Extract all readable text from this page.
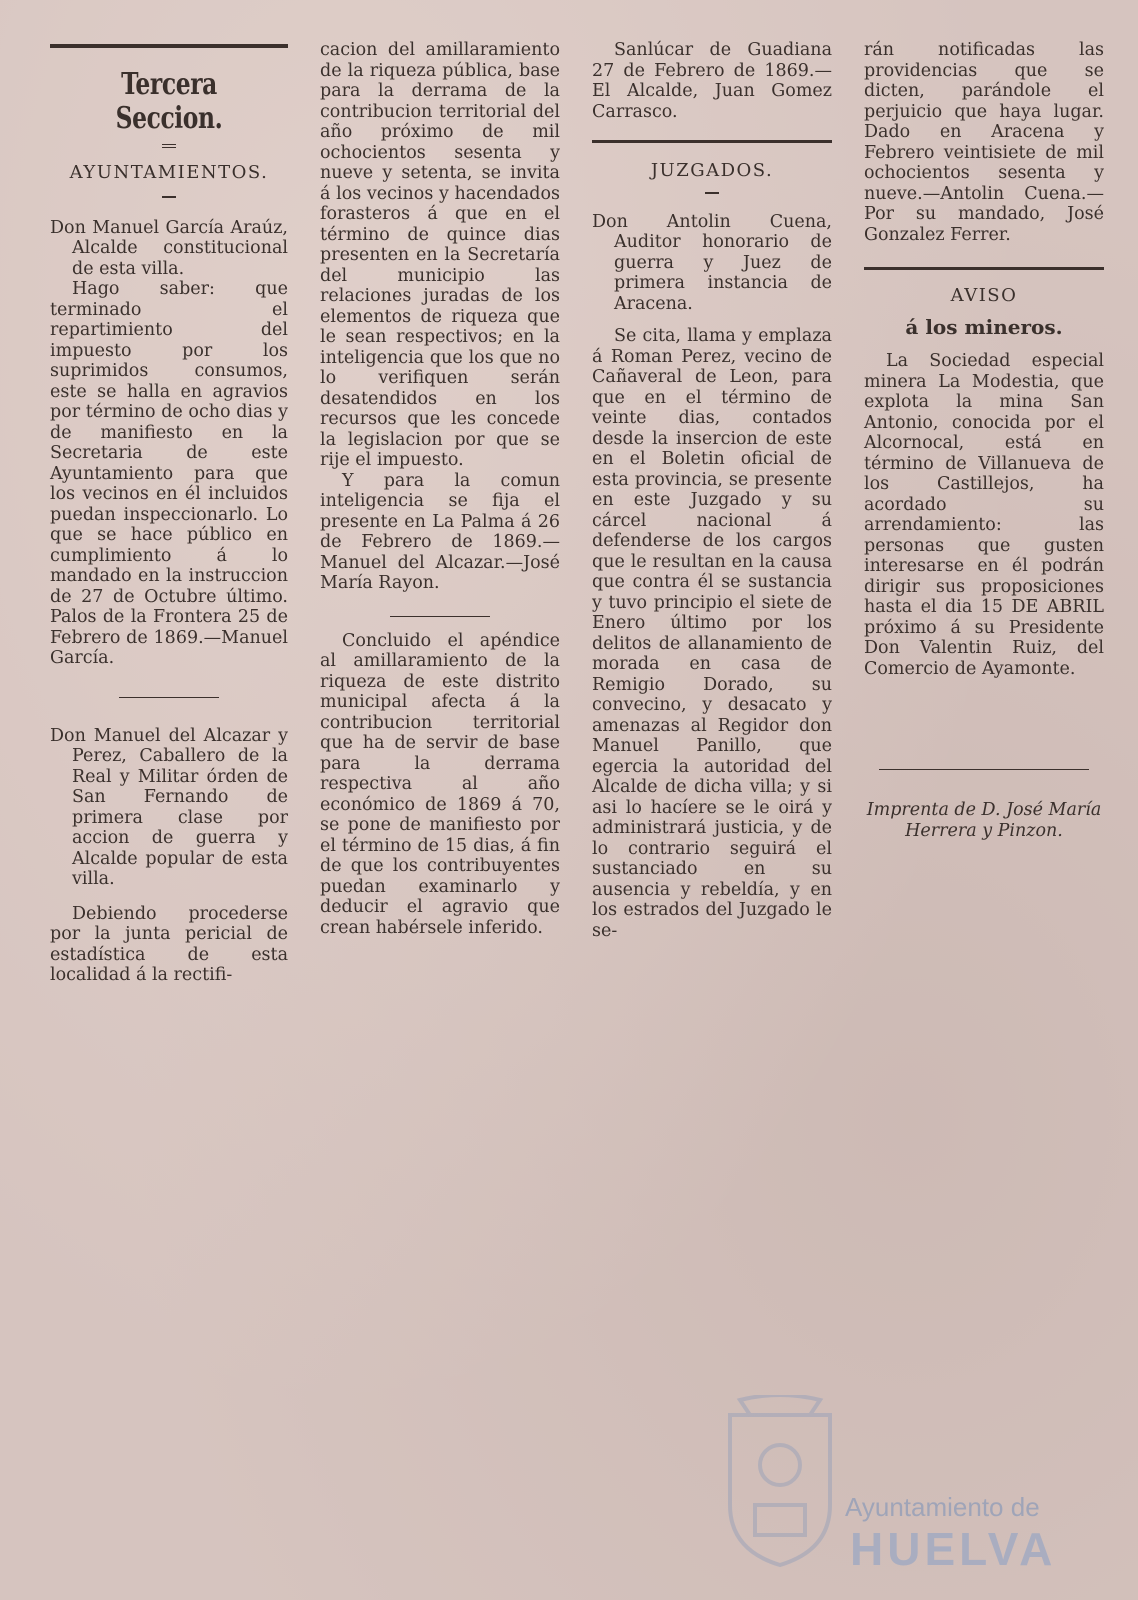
Tercera Seccion.
AYUNTAMIENTOS.

Don Manuel García Araúz, Alcalde constitucional de esta villa.

Hago saber: que terminado el repartimiento del impuesto por los suprimidos consumos, este se halla en agravios por término de ocho dias y de manifiesto en la Secretaria de este Ayuntamiento para que los vecinos en él incluidos puedan inspeccionarlo. Lo que se hace público en cumplimiento á lo mandado en la instruccion de 27 de Octubre último. Palos de la Frontera 25 de Febrero de 1869.—Manuel García.

Don Manuel del Alcazar y Perez, Caballero de la Real y Militar órden de San Fernando de primera clase por accion de guerra y Alcalde popular de esta villa.

Debiendo procederse por la junta pericial de estadística de esta localidad á la rectifi-

cacion del amillaramiento de la riqueza pública, base para la derrama de la contribucion territorial del año próximo de mil ochocientos sesenta y nueve y setenta, se invita á los vecinos y hacendados forasteros á que en el término de quince dias presenten en la Secretaría del municipio las relaciones juradas de los elementos de riqueza que le sean respectivos; en la inteligencia que los que no lo verifiquen serán desatendidos en los recursos que les concede la legislacion por que se rije el impuesto.

Y para la comun inteligencia se fija el presente en La Palma á 26 de Febrero de 1869.—Manuel del Alcazar.—José María Rayon.

Concluido el apéndice al amillaramiento de la riqueza de este distrito municipal afecta á la contribucion territorial que ha de servir de base para la derrama respectiva al año económico de 1869 á 70, se pone de manifiesto por el término de 15 dias, á fin de que los contribuyentes puedan examinarlo y deducir el agravio que crean habérsele inferido.

Sanlúcar de Guadiana 27 de Febrero de 1869.—El Alcalde, Juan Gomez Carrasco.

JUZGADOS.

Don Antolin Cuena, Auditor honorario de guerra y Juez de primera instancia de Aracena.

Se cita, llama y emplaza á Roman Perez, vecino de Cañaveral de Leon, para que en el término de veinte dias, contados desde la insercion de este en el Boletin oficial de esta provincia, se presente en este Juzgado y su cárcel nacional á defenderse de los cargos que le resultan en la causa que contra él se sustancia y tuvo principio el siete de Enero último por los delitos de allanamiento de morada en casa de Remigio Dorado, su convecino, y desacato y amenazas al Regidor don Manuel Panillo, que egercia la autoridad del Alcalde de dicha villa; y si asi lo hacíere se le oirá y administrará justicia, y de lo contrario seguirá el sustanciado en su ausencia y rebeldía, y en los estrados del Juzgado le se-

rán notificadas las providencias que se dicten, parándole el perjuicio que haya lugar. Dado en Aracena y Febrero veintisiete de mil ochocientos sesenta y nueve.—Antolin Cuena.—Por su mandado, José Gonzalez Ferrer.

AVISO
á los mineros.

La Sociedad especial minera La Modestia, que explota la mina San Antonio, conocida por el Alcornocal, está en término de Villanueva de los Castillejos, ha acordado su arrendamiento: las personas que gusten interesarse en él podrán dirigir sus proposiciones hasta el dia 15 DE ABRIL próximo á su Presidente Don Valentin Ruiz, del Comercio de Ayamonte.

Imprenta de D. José María Herrera y Pinzon.

Ayuntamiento de
HUELVA
